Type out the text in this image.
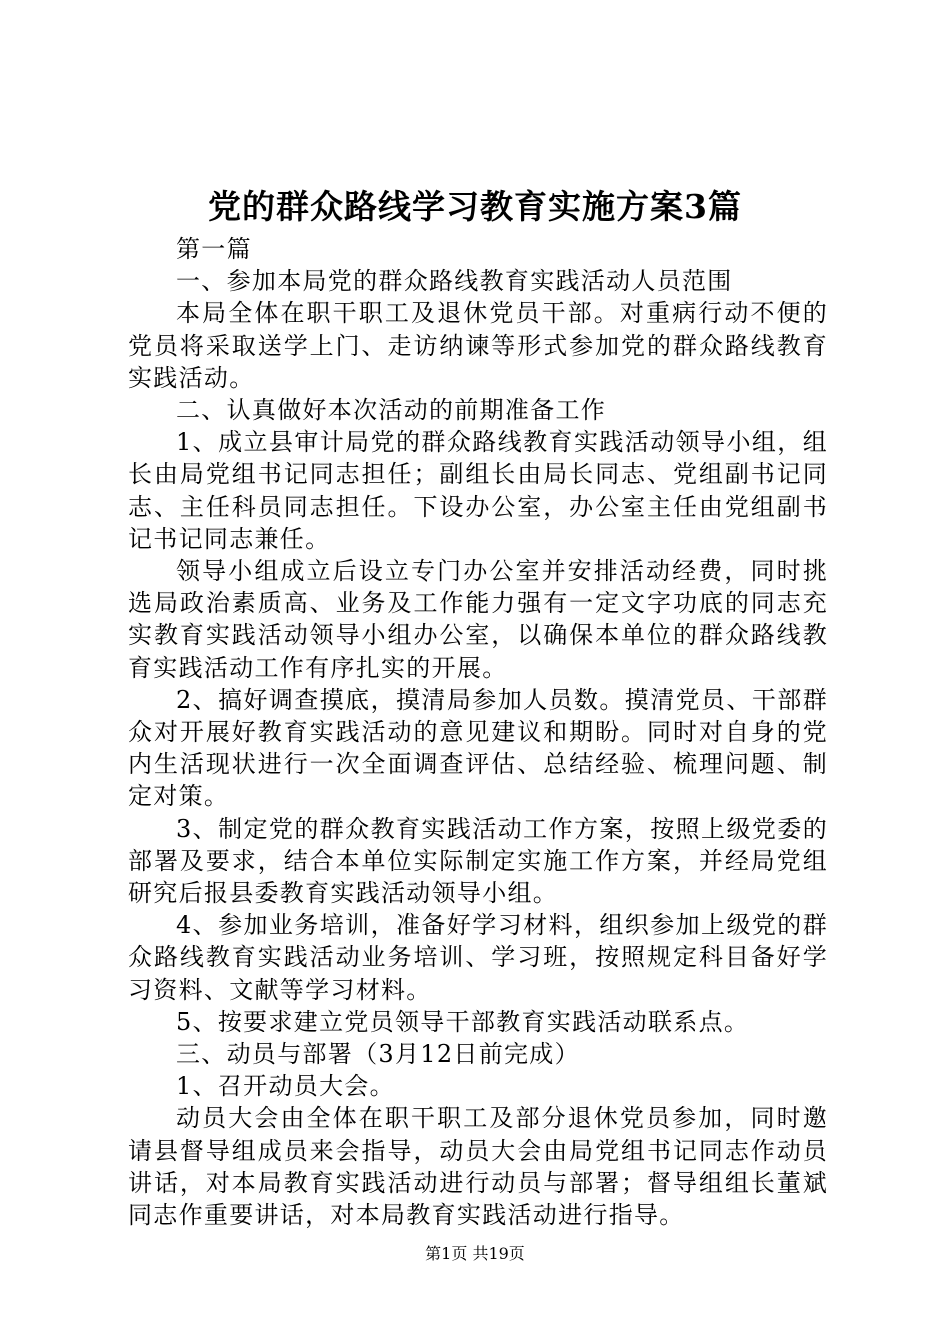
党的群众路线学习教育实施方案3篇

第一篇

一、参加本局党的群众路线教育实践活动人员范围

本局全体在职干职工及退休党员干部。对重病行动不便的党员将采取送学上门、走访纳谏等形式参加党的群众路线教育实践活动。

二、认真做好本次活动的前期准备工作

1、成立县审计局党的群众路线教育实践活动领导小组，组长由局党组书记同志担任；副组长由局长同志、党组副书记同志、主任科员同志担任。下设办公室，办公室主任由党组副书记书记同志兼任。

领导小组成立后设立专门办公室并安排活动经费，同时挑选局政治素质高、业务及工作能力强有一定文字功底的同志充实教育实践活动领导小组办公室，以确保本单位的群众路线教育实践活动工作有序扎实的开展。

2、搞好调查摸底，摸清局参加人员数。摸清党员、干部群众对开展好教育实践活动的意见建议和期盼。同时对自身的党内生活现状进行一次全面调查评估、总结经验、梳理问题、制定对策。

3、制定党的群众教育实践活动工作方案，按照上级党委的部署及要求，结合本单位实际制定实施工作方案，并经局党组研究后报县委教育实践活动领导小组。

4、参加业务培训，准备好学习材料，组织参加上级党的群众路线教育实践活动业务培训、学习班，按照规定科目备好学习资料、文献等学习材料。

5、按要求建立党员领导干部教育实践活动联系点。

三、动员与部署（3月12日前完成）

1、召开动员大会。

动员大会由全体在职干职工及部分退休党员参加，同时邀请县督导组成员来会指导，动员大会由局党组书记同志作动员讲话，对本局教育实践活动进行动员与部署；督导组组长董斌同志作重要讲话，对本局教育实践活动进行指导。

第1页 共19页
